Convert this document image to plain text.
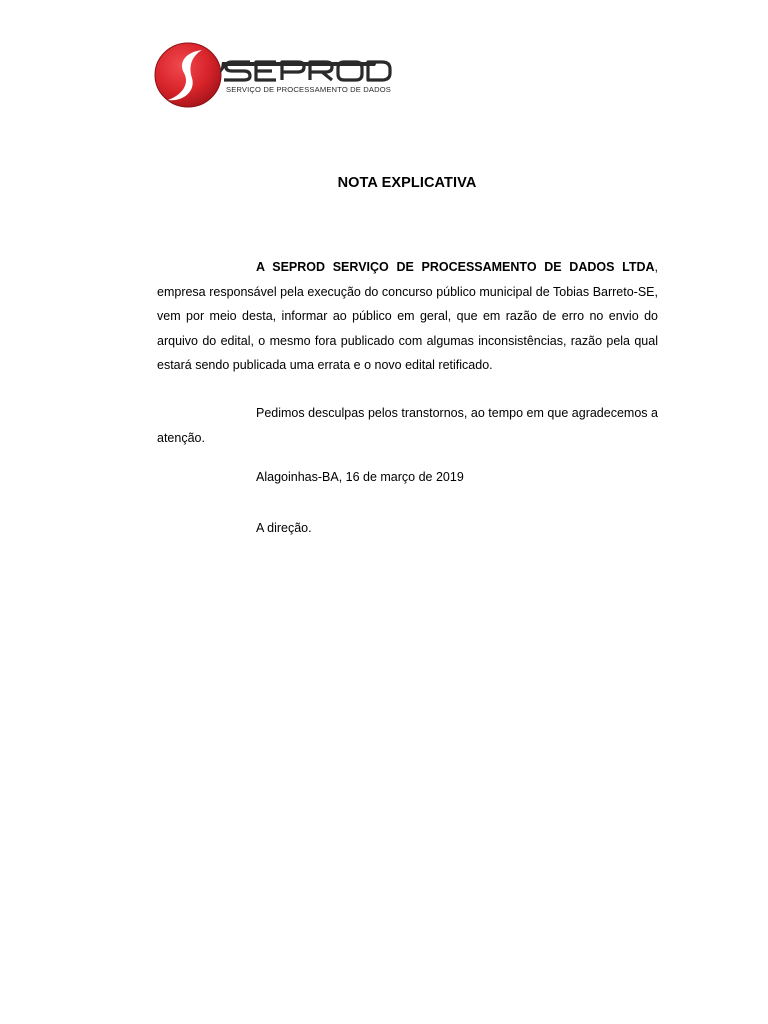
SERVIÇO DE PROCESSAMENTO DE DADOS
NOTA EXPLICATIVA

A SEPROD SERVIÇO DE PROCESSAMENTO DE DADOS LTDA, empresa responsável pela execução do concurso público municipal de Tobias Barreto-SE, vem por meio desta, informar ao público em geral, que em razão de erro no envio do arquivo do edital, o mesmo fora publicado com algumas inconsistências, razão pela qual estará sendo publicada uma errata e o novo edital retificado.

Pedimos desculpas pelos transtornos, ao tempo em que agradecemos a atenção.

Alagoinhas-BA, 16 de março de 2019

A direção.
